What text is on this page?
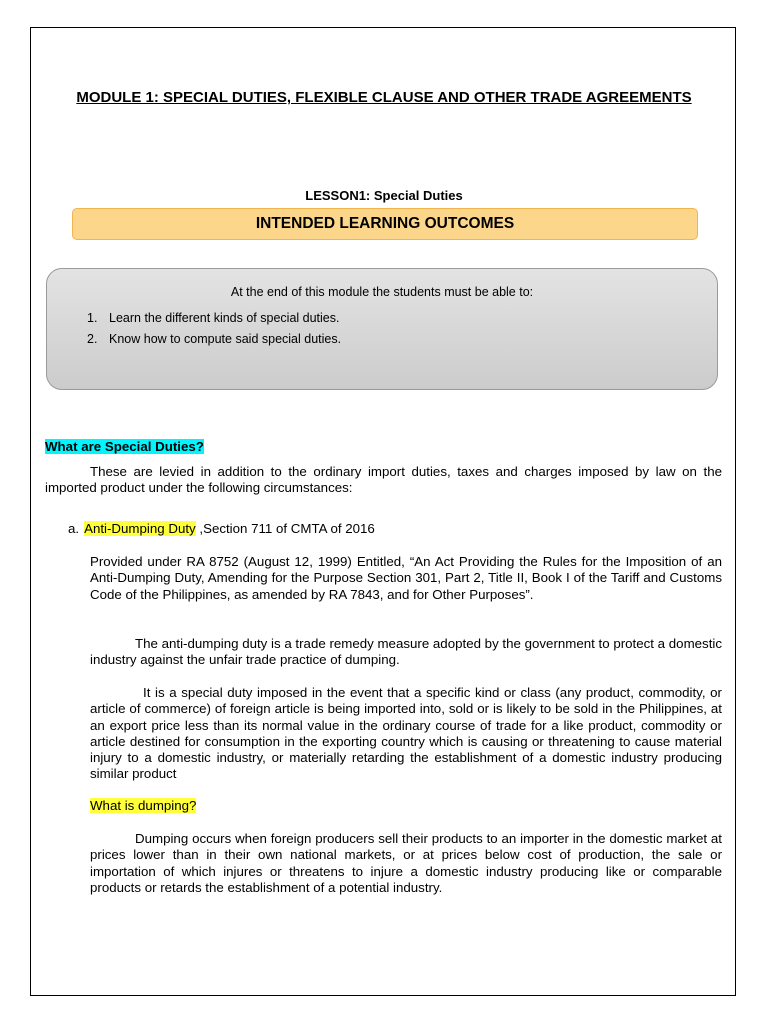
MODULE 1: SPECIAL DUTIES, FLEXIBLE CLAUSE AND OTHER TRADE AGREEMENTS
LESSON1: Special Duties
INTENDED LEARNING OUTCOMES

At the end of this module the students must be able to:

1. Learn the different kinds of special duties.
2. Know how to compute said special duties.

What are Special Duties?

These are levied in addition to the ordinary import duties, taxes and charges imposed by law on the imported product under the following circumstances:

a. Anti-Dumping Duty ,Section 711 of CMTA of 2016

Provided under RA 8752 (August 12, 1999) Entitled, “An Act Providing the Rules for the Imposition of an Anti-Dumping Duty, Amending for the Purpose Section 301, Part 2, Title II, Book I of the Tariff and Customs Code of the Philippines, as amended by RA 7843, and for Other Purposes”.

The anti-dumping duty is a trade remedy measure adopted by the government to protect a domestic industry against the unfair trade practice of dumping.

It is a special duty imposed in the event that a specific kind or class (any product, commodity, or article of commerce) of foreign article is being imported into, sold or is likely to be sold in the Philippines, at an export price less than its normal value in the ordinary course of trade for a like product, commodity or article destined for consumption in the exporting country which is causing or threatening to cause material injury to a domestic industry, or materially retarding the establishment of a domestic industry producing similar product

What is dumping?

Dumping occurs when foreign producers sell their products to an importer in the domestic market at prices lower than in their own national markets, or at prices below cost of production, the sale or importation of which injures or threatens to injure a domestic industry producing like or comparable products or retards the establishment of a potential industry.
